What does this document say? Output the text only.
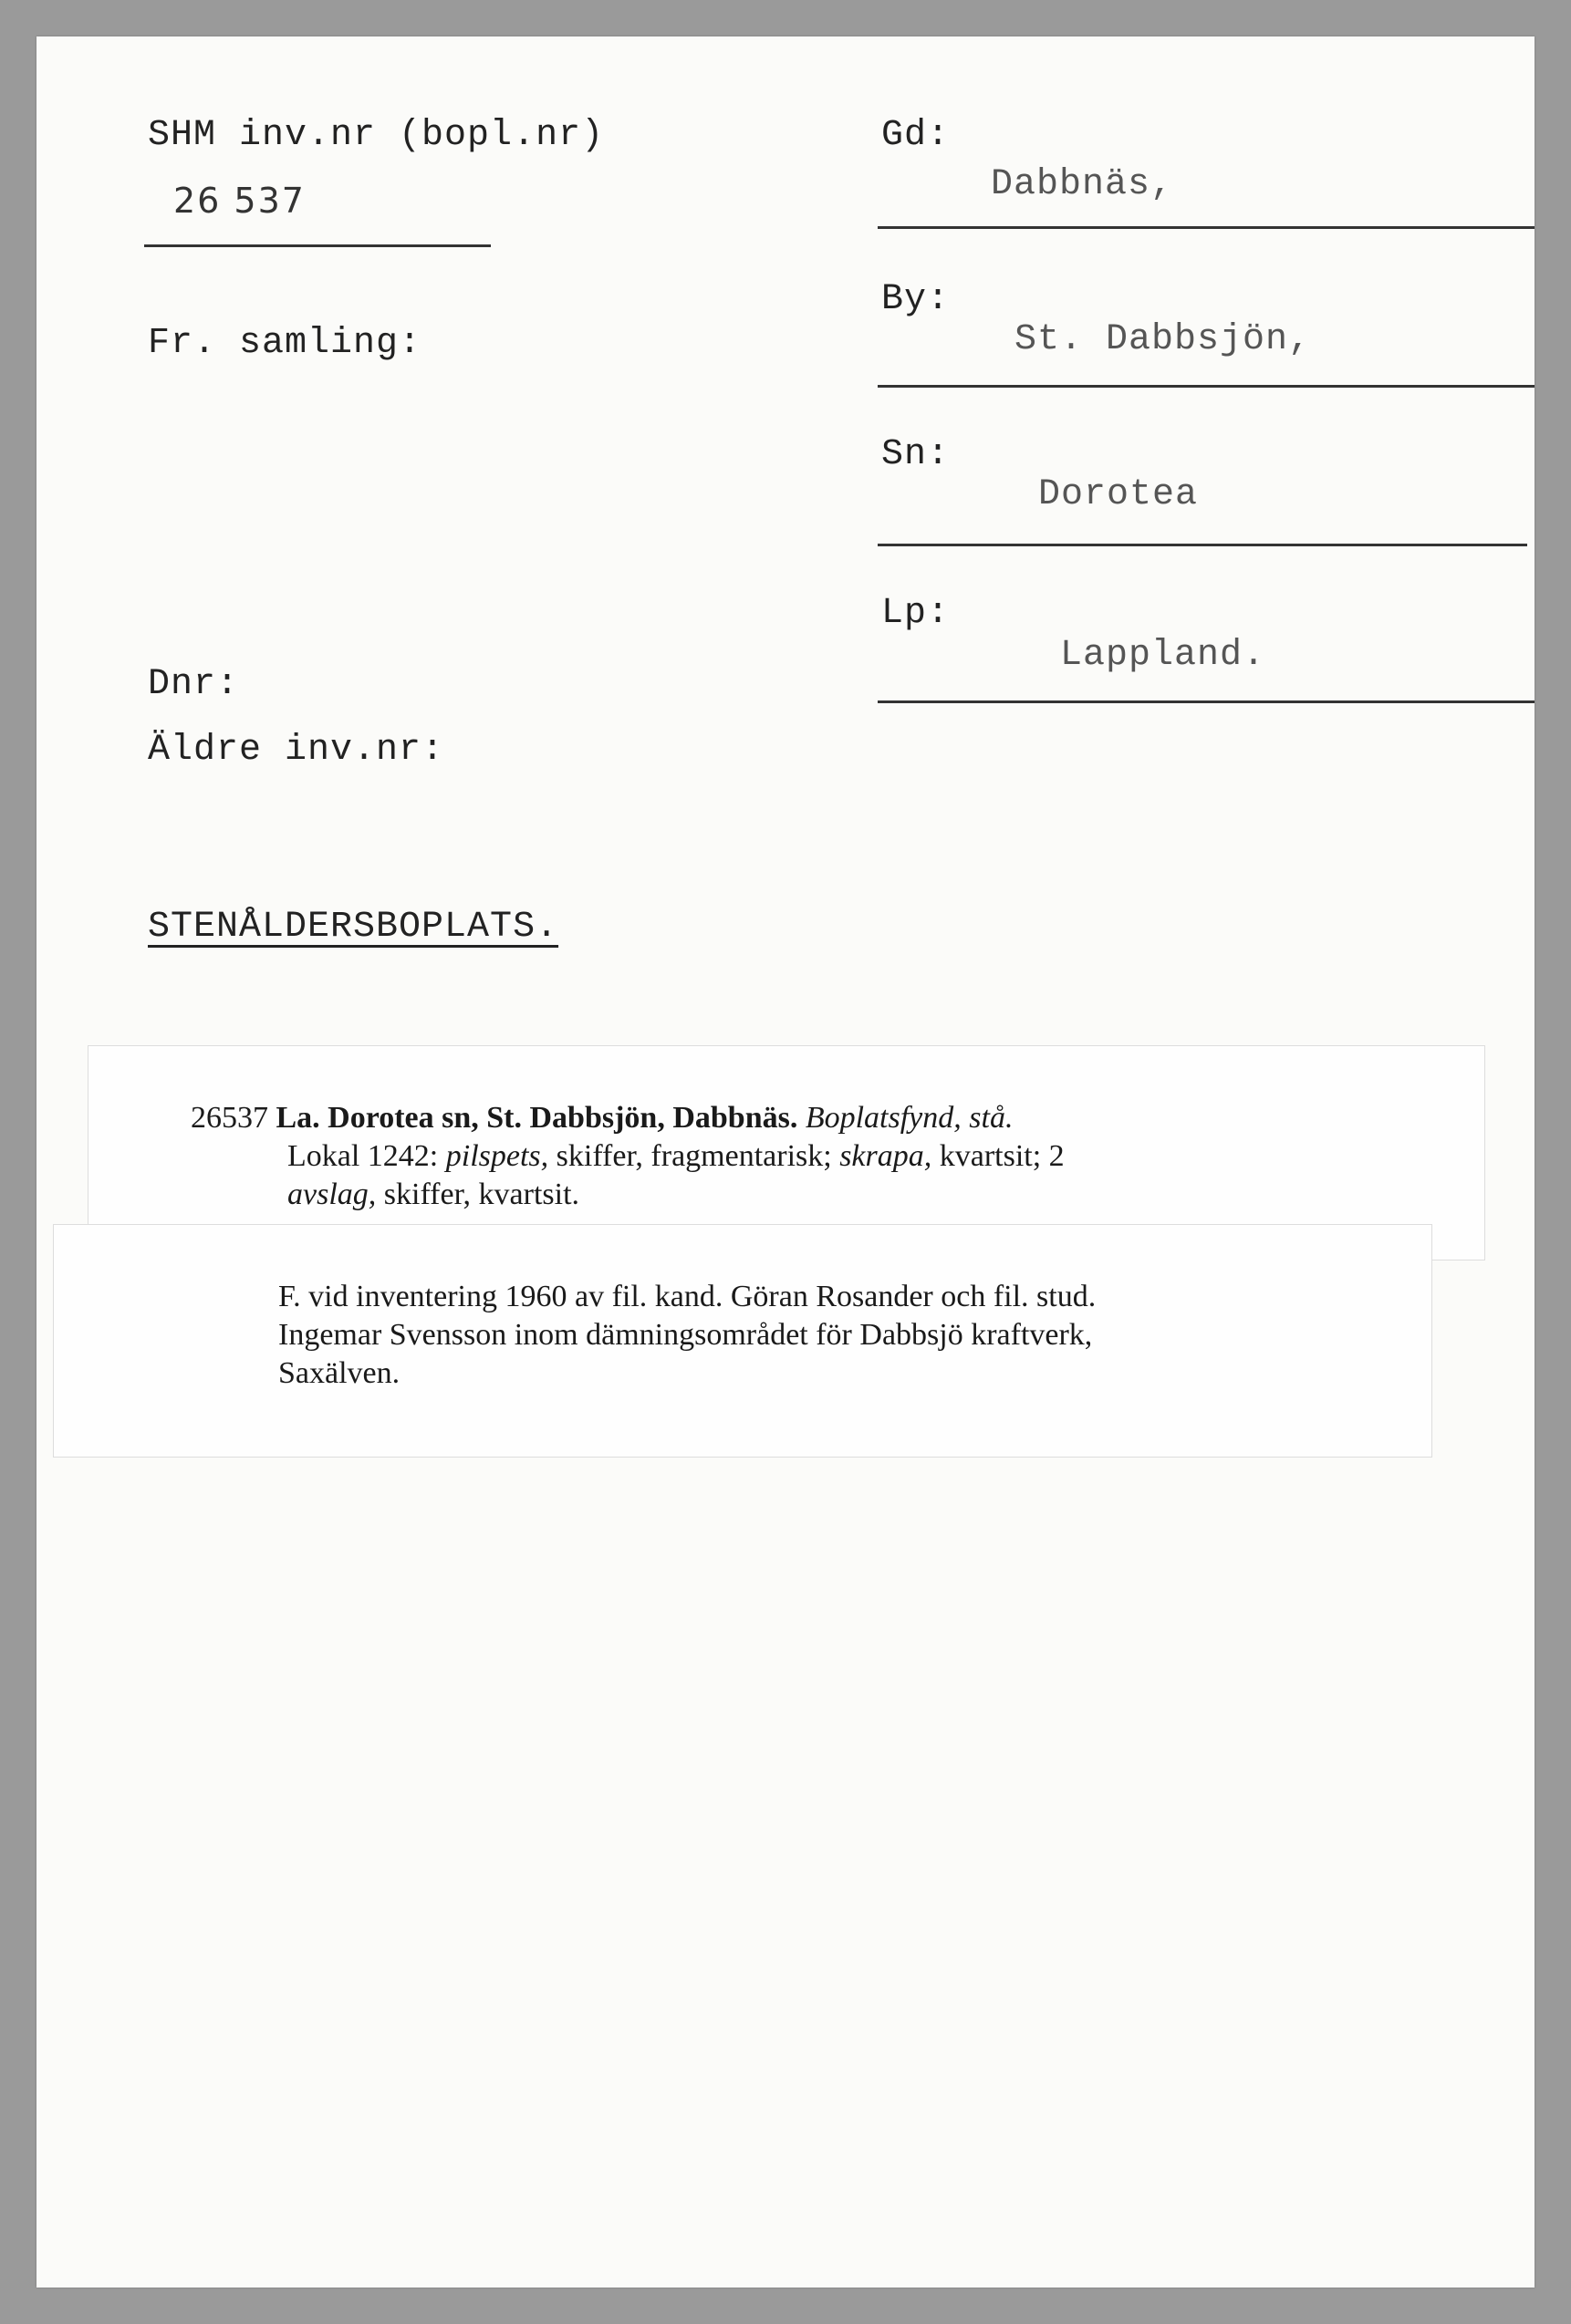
SHM inv.nr (bopl.nr)
26 537
Fr. samling:
Dnr:
Äldre inv.nr:
STENÅLDERSBOPLATS.
Gd:
Dabbnäs,
By:
St. Dabbsjön,
Sn:
Dorotea
Lp:
Lappland.

26537 La. Dorotea sn, St. Dabbsjön, Dabbnäs. Boplatsfynd, stå.

Lokal 1242: pilspets, skiffer, fragmentarisk; skrapa, kvartsit; 2

avslag, skiffer, kvartsit.

F. vid inventering 1960 av fil. kand. Göran Rosander och fil. stud.

Ingemar Svensson inom dämningsområdet för Dabbsjö kraftverk,

Saxälven.
